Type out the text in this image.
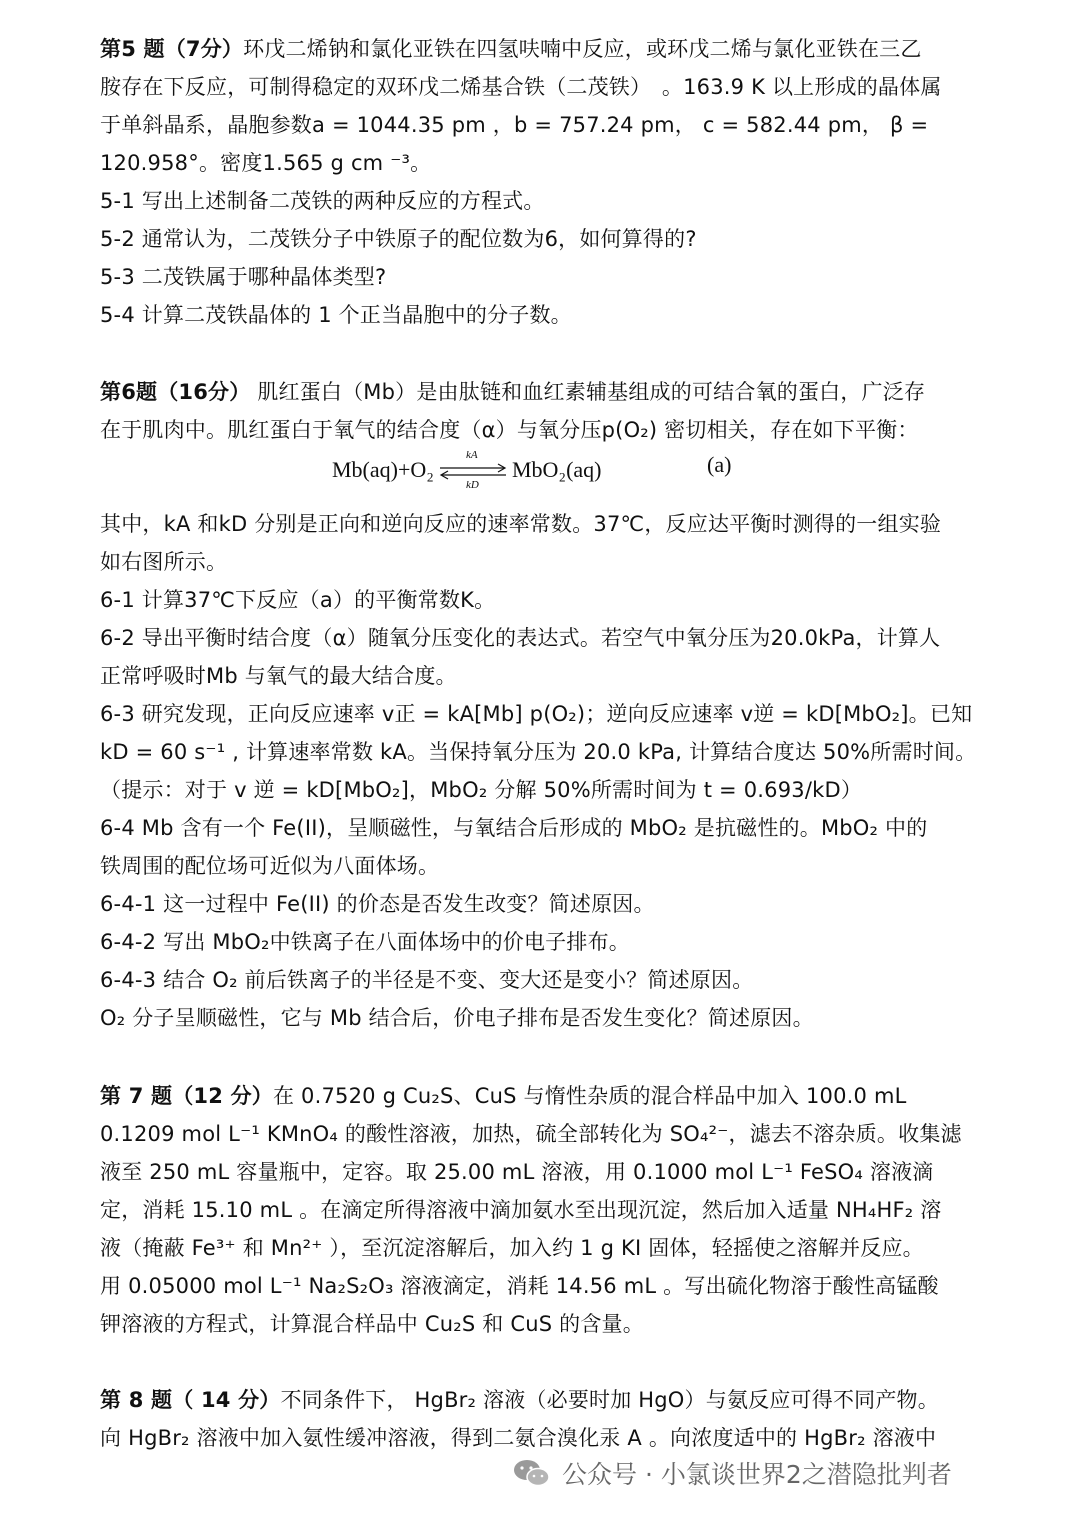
第5 题（7分）环戊二烯钠和氯化亚铁在四氢呋喃中反应，或环戊二烯与氯化亚铁在三乙
胺存在下反应，可制得稳定的双环戊二烯基合铁（二茂铁）　。163.9 K 以上形成的晶体属
于单斜晶系，晶胞参数a = 1044.35 pm ，b = 757.24 pm， c = 582.44 pm， β =
120.958°。密度1.565 g cm ⁻³。
5-1 写出上述制备二茂铁的两种反应的方程式。
5-2 通常认为，二茂铁分子中铁原子的配位数为6，如何算得的?
5-3 二茂铁属于哪种晶体类型?
5-4 计算二茂铁晶体的 1 个正当晶胞中的分子数。
第6题（16分） 肌红蛋白（Mb）是由肽链和血红素辅基组成的可结合氧的蛋白，广泛存
在于肌肉中。肌红蛋白于氧气的结合度（α）与氧分压p(O₂) 密切相关，存在如下平衡：
Mb(aq)+O₂
kA
kD
MbO₂(aq)	(a)
其中，kA 和kD 分别是正向和逆向反应的速率常数。37℃，反应达平衡时测得的一组实验
如右图所示。
6-1 计算37℃下反应（a）的平衡常数K。
6-2 导出平衡时结合度（α）随氧分压变化的表达式。若空气中氧分压为20.0kPa，计算人
正常呼吸时Mb 与氧气的最大结合度。
6-3 研究发现，正向反应速率 v正 = kA[Mb] p(O₂)；逆向反应速率 v逆 = kD[MbO₂]。已知
kD = 60 s⁻¹ , 计算速率常数 kA。当保持氧分压为 20.0 kPa, 计算结合度达 50%所需时间。
（提示：对于 v 逆 = kD[MbO₂]，MbO₂ 分解 50%所需时间为 t = 0.693/kD）
6-4 Mb 含有一个 Fe(II)，呈顺磁性，与氧结合后形成的 MbO₂ 是抗磁性的。MbO₂ 中的
铁周围的配位场可近似为八面体场。
6-4-1 这一过程中 Fe(II) 的价态是否发生改变？简述原因。
6-4-2 写出 MbO₂中铁离子在八面体场中的价电子排布。
6-4-3 结合 O₂ 前后铁离子的半径是不变、变大还是变小？简述原因。
O₂ 分子呈顺磁性，它与 Mb 结合后，价电子排布是否发生变化？简述原因。
第 7 题（12 分）在 0.7520 g Cu₂S、CuS 与惰性杂质的混合样品中加入 100.0 mL
0.1209 mol L⁻¹ KMnO₄ 的酸性溶液，加热，硫全部转化为 SO₄²⁻，滤去不溶杂质。收集滤
液至 250 mL 容量瓶中，定容。取 25.00 mL 溶液，用 0.1000 mol L⁻¹ FeSO₄ 溶液滴
定，消耗 15.10 mL 。在滴定所得溶液中滴加氨水至出现沉淀，然后加入适量 NH₄HF₂ 溶
液（掩蔽 Fe³⁺ 和 Mn²⁺ ），至沉淀溶解后，加入约 1 g KI 固体，轻摇使之溶解并反应。
用 0.05000 mol L⁻¹ Na₂S₂O₃ 溶液滴定，消耗 14.56 mL 。写出硫化物溶于酸性高锰酸
钾溶液的方程式，计算混合样品中 Cu₂S 和 CuS 的含量。
第 8 题（ 14 分）不同条件下， HgBr₂ 溶液（必要时加 HgO）与氨反应可得不同产物。
向 HgBr₂ 溶液中加入氨性缓冲溶液，得到二氨合溴化汞 A 。向浓度适中的 HgBr₂ 溶液中
公众号 · 小氯谈世界2之潜隐批判者
